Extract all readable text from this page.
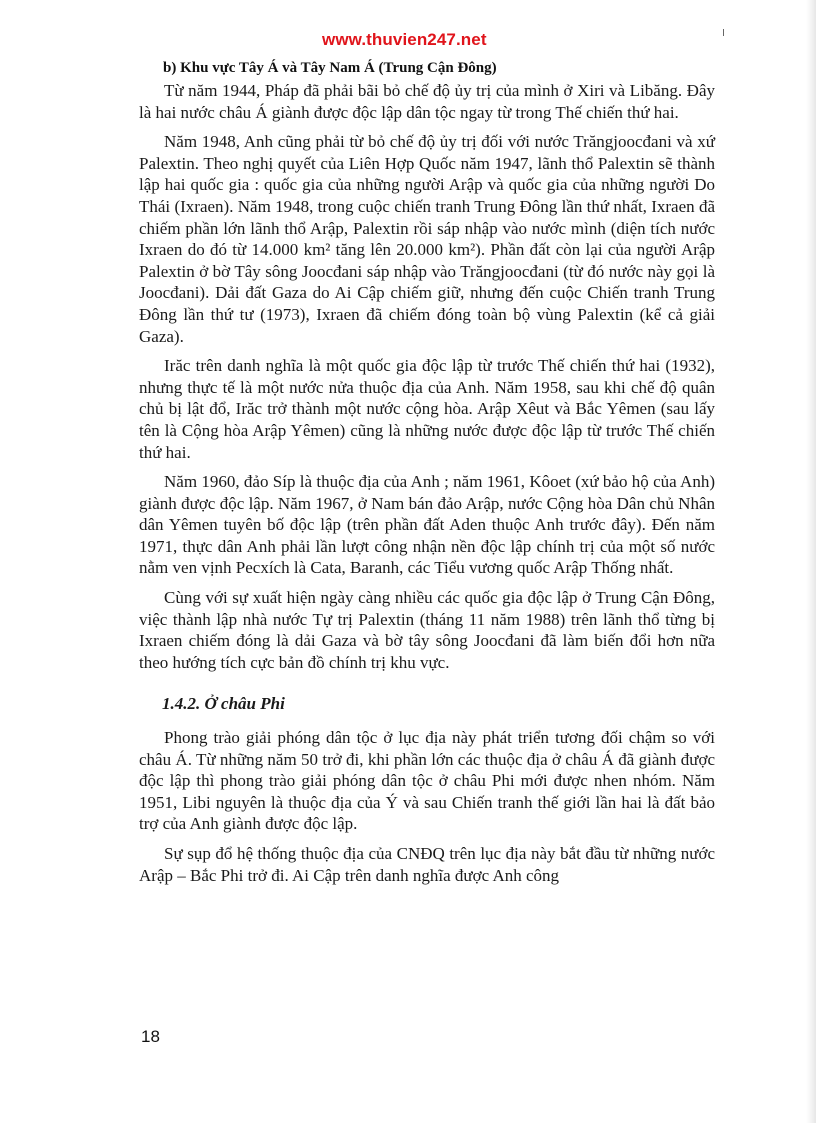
www.thuvien247.net
b) Khu vực Tây Á và Tây Nam Á (Trung Cận Đông)

Từ năm 1944, Pháp đã phải bãi bỏ chế độ ủy trị của mình ở Xiri và Libăng. Đây là hai nước châu Á giành được độc lập dân tộc ngay từ trong Thế chiến thứ hai.

Năm 1948, Anh cũng phải từ bỏ chế độ ủy trị đối với nước Trăngjoocđani và xứ Palextin. Theo nghị quyết của Liên Hợp Quốc năm 1947, lãnh thổ Palextin sẽ thành lập hai quốc gia : quốc gia của những người Arập và quốc gia của những người Do Thái (Ixraen). Năm 1948, trong cuộc chiến tranh Trung Đông lần thứ nhất, Ixraen đã chiếm phần lớn lãnh thổ Arập, Palextin rồi sáp nhập vào nước mình (diện tích nước Ixraen do đó từ 14.000 km² tăng lên 20.000 km²). Phần đất còn lại của người Arập Palextin ở bờ Tây sông Joocđani sáp nhập vào Trăngjoocđani (từ đó nước này gọi là Joocđani). Dải đất Gaza do Ai Cập chiếm giữ, nhưng đến cuộc Chiến tranh Trung Đông lần thứ tư (1973), Ixraen đã chiếm đóng toàn bộ vùng Palextin (kể cả giải Gaza).

Irăc trên danh nghĩa là một quốc gia độc lập từ trước Thế chiến thứ hai (1932), nhưng thực tế là một nước nửa thuộc địa của Anh. Năm 1958, sau khi chế độ quân chủ bị lật đổ, Irăc trở thành một nước cộng hòa. Arập Xêut và Bắc Yêmen (sau lấy tên là Cộng hòa Arập Yêmen) cũng là những nước được độc lập từ trước Thế chiến thứ hai.

Năm 1960, đảo Síp là thuộc địa của Anh ; năm 1961, Kôoet (xứ bảo hộ của Anh) giành được độc lập. Năm 1967, ở Nam bán đảo Arập, nước Cộng hòa Dân chủ Nhân dân Yêmen tuyên bố độc lập (trên phần đất Aden thuộc Anh trước đây). Đến năm 1971, thực dân Anh phải lần lượt công nhận nền độc lập chính trị của một số nước nằm ven vịnh Pecxích là Cata, Baranh, các Tiểu vương quốc Arập Thống nhất.

Cùng với sự xuất hiện ngày càng nhiều các quốc gia độc lập ở Trung Cận Đông, việc thành lập nhà nước Tự trị Palextin (tháng 11 năm 1988) trên lãnh thổ từng bị Ixraen chiếm đóng là dải Gaza và bờ tây sông Joocđani đã làm biến đổi hơn nữa theo hướng tích cực bản đồ chính trị khu vực.

1.4.2. Ở châu Phi

Phong trào giải phóng dân tộc ở lục địa này phát triển tương đối chậm so với châu Á. Từ những năm 50 trở đi, khi phần lớn các thuộc địa ở châu Á đã giành được độc lập thì phong trào giải phóng dân tộc ở châu Phi mới được nhen nhóm. Năm 1951, Libi nguyên là thuộc địa của Ý và sau Chiến tranh thế giới lần hai là đất bảo trợ của Anh giành được độc lập.

Sự sụp đổ hệ thống thuộc địa của CNĐQ trên lục địa này bắt đầu từ những nước Arập – Bắc Phi trở đi. Ai Cập trên danh nghĩa được Anh công

18
